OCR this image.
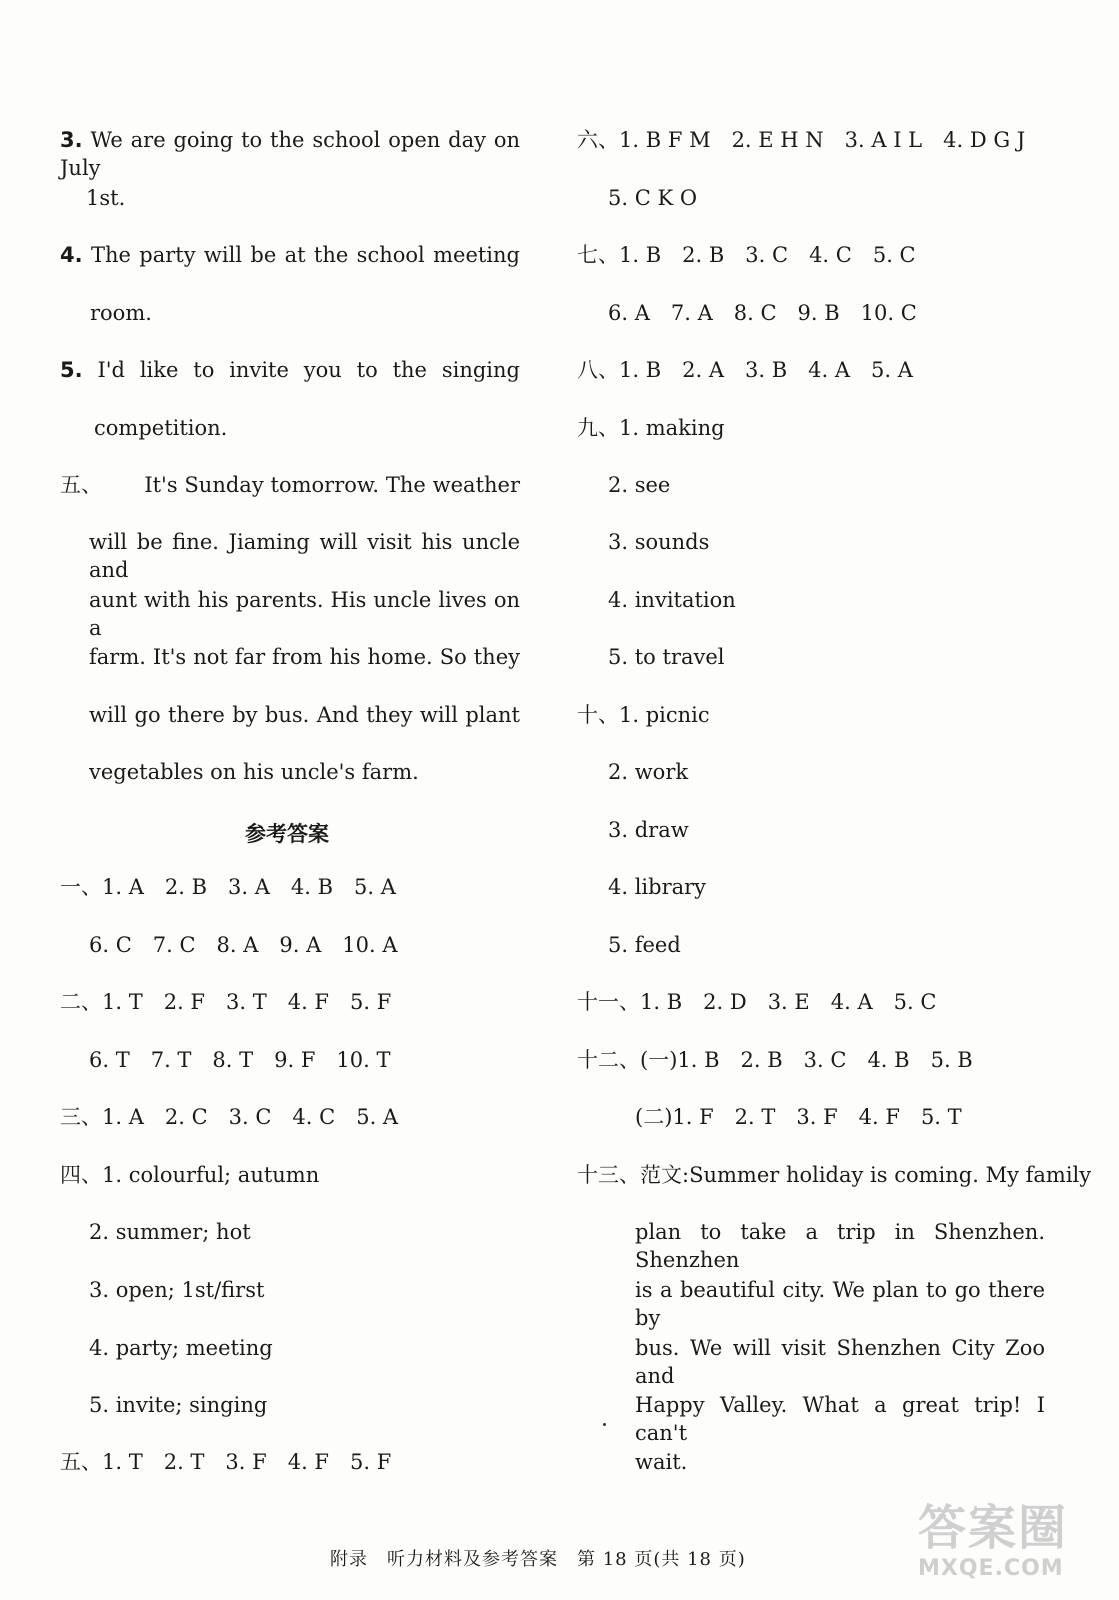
3. We are going to the school open day on July
1st.
4. The party will be at the school meeting
room.
5. I'd like to invite you to the singing
competition.
五、 It's Sunday tomorrow. The weather
will be fine. Jiaming will visit his uncle and
aunt with his parents. His uncle lives on a
farm. It's not far from his home. So they
will go there by bus. And they will plant
vegetables on his uncle's farm.
参考答案
一、1. A　2. B　3. A　4. B　5. A
6. C　7. C　8. A　9. A　10. A
二、1. T　2. F　3. T　4. F　5. F
6. T　7. T　8. T　9. F　10. T
三、1. A　2. C　3. C　4. C　5. A
四、1. colourful; autumn
2. summer; hot
3. open; 1st/first
4. party; meeting
5. invite; singing
五、1. T　2. T　3. F　4. F　5. F
六、1. B F M　2. E H N　3. A I L　4. D G J
5. C K O
七、1. B　2. B　3. C　4. C　5. C
6. A　7. A　8. C　9. B　10. C
八、1. B　2. A　3. B　4. A　5. A
九、1. making
2. see
3. sounds
4. invitation
5. to travel
十、1. picnic
2. work
3. draw
4. library
5. feed
十一、1. B　2. D　3. E　4. A　5. C
十二、(一)1. B　2. B　3. C　4. B　5. B
(二)1. F　2. T　3. F　4. F　5. T
十三、范文:Summer holiday is coming. My family
plan to take a trip in Shenzhen. Shenzhen
is a beautiful city. We plan to go there by
bus. We will visit Shenzhen City Zoo and
Happy Valley. What a great trip! I can't
wait.
附录　听力材料及参考答案　第 18 页(共 18 页)
答案圈
MXQE.COM
